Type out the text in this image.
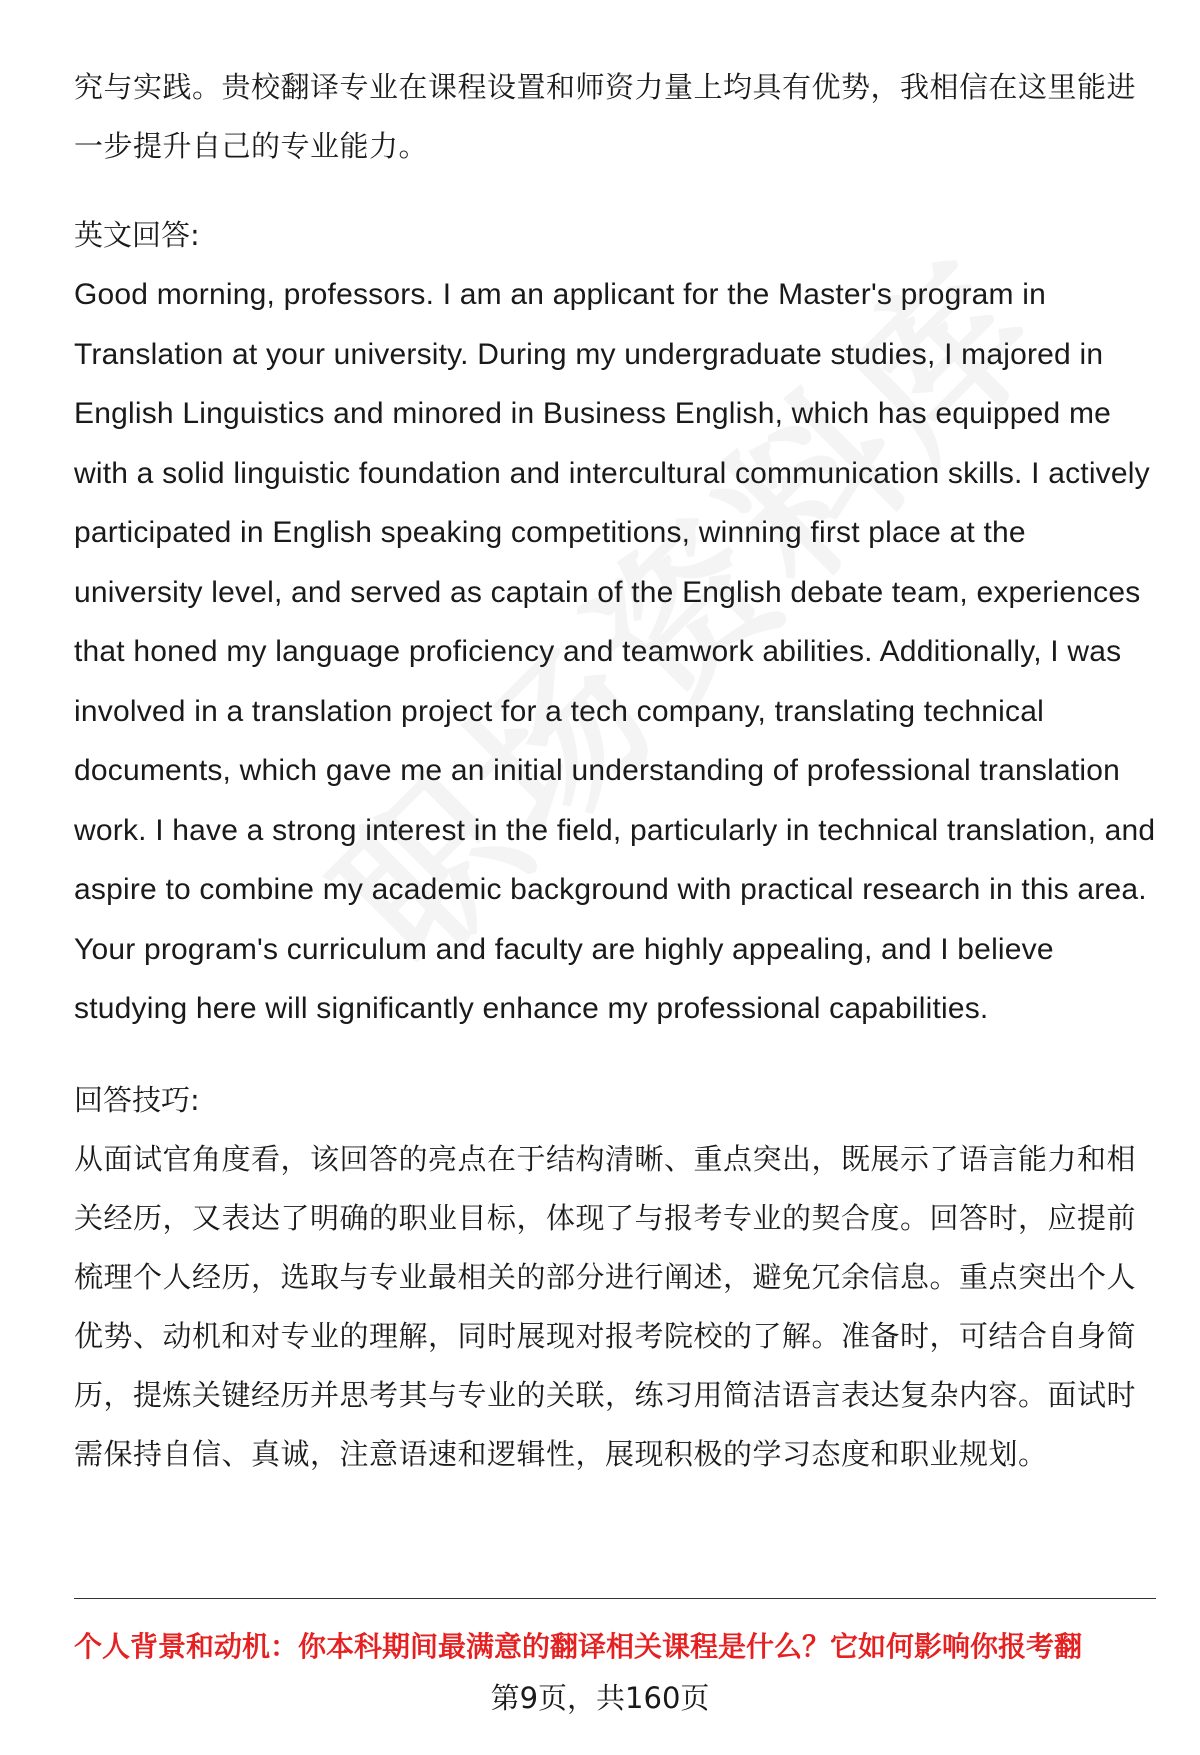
究与实践。贵校翻译专业在课程设置和师资力量上均具有优势，我相信在这里能进一步提升自己的专业能力。

英文回答:

Good morning, professors. I am an applicant for the Master's program in Translation at your university. During my undergraduate studies, I majored in English Linguistics and minored in Business English, which has equipped me with a solid linguistic foundation and intercultural communication skills. I actively participated in English speaking competitions, winning first place at the university level, and served as captain of the English debate team, experiences that honed my language proficiency and teamwork abilities. Additionally, I was involved in a translation project for a tech company, translating technical documents, which gave me an initial understanding of professional translation work. I have a strong interest in the field, particularly in technical translation, and aspire to combine my academic background with practical research in this area. Your program's curriculum and faculty are highly appealing, and I believe studying here will significantly enhance my professional capabilities.

回答技巧:

从面试官角度看，该回答的亮点在于结构清晰、重点突出，既展示了语言能力和相关经历，又表达了明确的职业目标，体现了与报考专业的契合度。回答时，应提前梳理个人经历，选取与专业最相关的部分进行阐述，避免冗余信息。重点突出个人优势、动机和对专业的理解，同时展现对报考院校的了解。准备时，可结合自身简历，提炼关键经历并思考其与专业的关联，练习用简洁语言表达复杂内容。面试时需保持自信、真诚，注意语速和逻辑性，展现积极的学习态度和职业规划。

个人背景和动机：你本科期间最满意的翻译相关课程是什么？它如何影响你报考翻
第9页，共160页
